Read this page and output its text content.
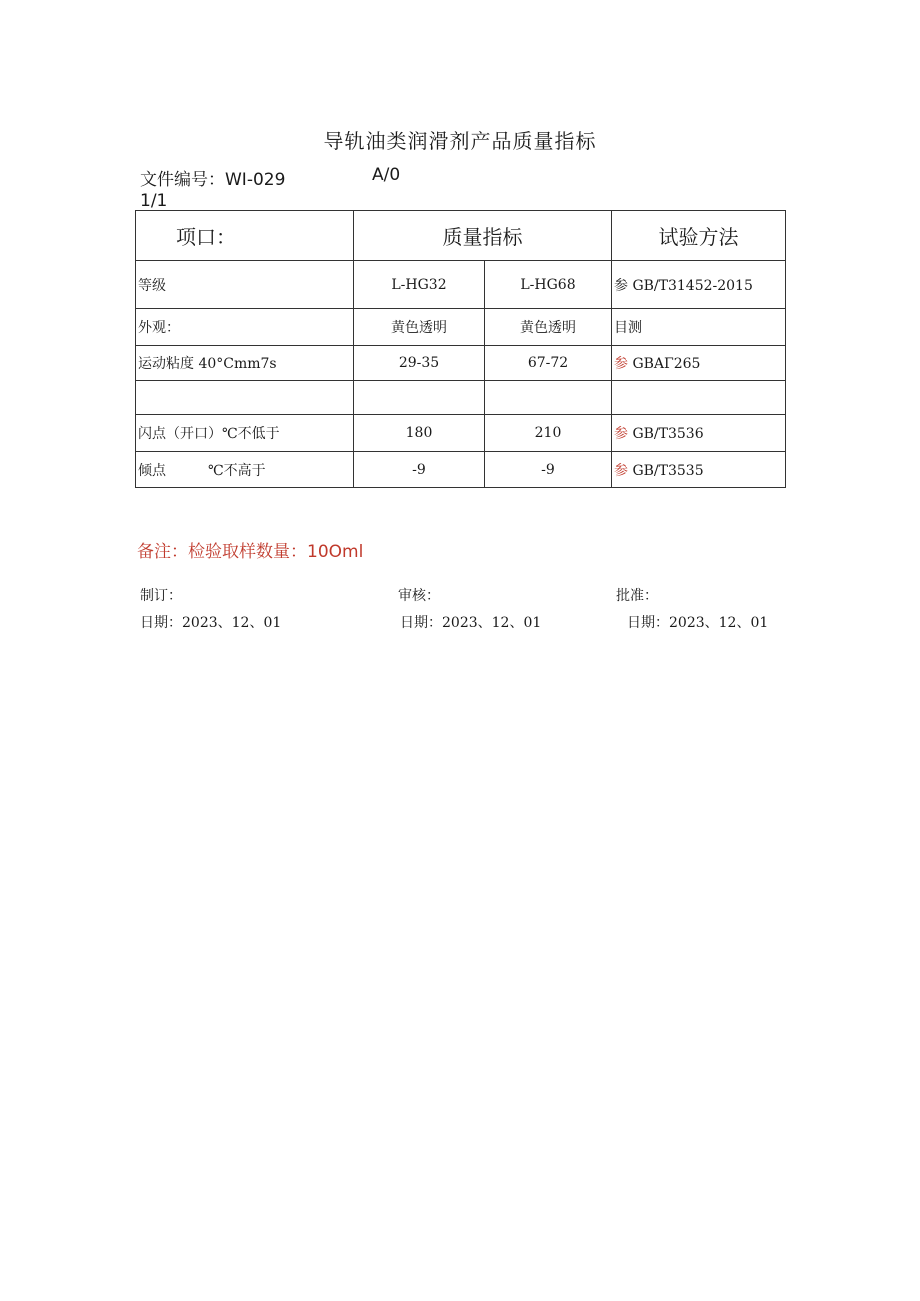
导轨油类润滑剂产品质量指标
文件编号：WI-029	A/0
1/1
项口：	质量指标		试验方法
等级	L-HG32	L-HG68	参 GB/T31452-2015
外观：	黄色透明	黄色透明	目测
运动粘度 40°Cmm7s	29-35	67-72	参 GBAΓ265

闪点（开口）℃不低于	180	210	参 GB/T3536
倾点　　　℃不高于	-9	-9	参 GB/T3535
备注：检验取样数量：10Oml
制订：	审核：	批准：
日期：2023、12、01	日期：2023、12、01	日期：2023、12、01
